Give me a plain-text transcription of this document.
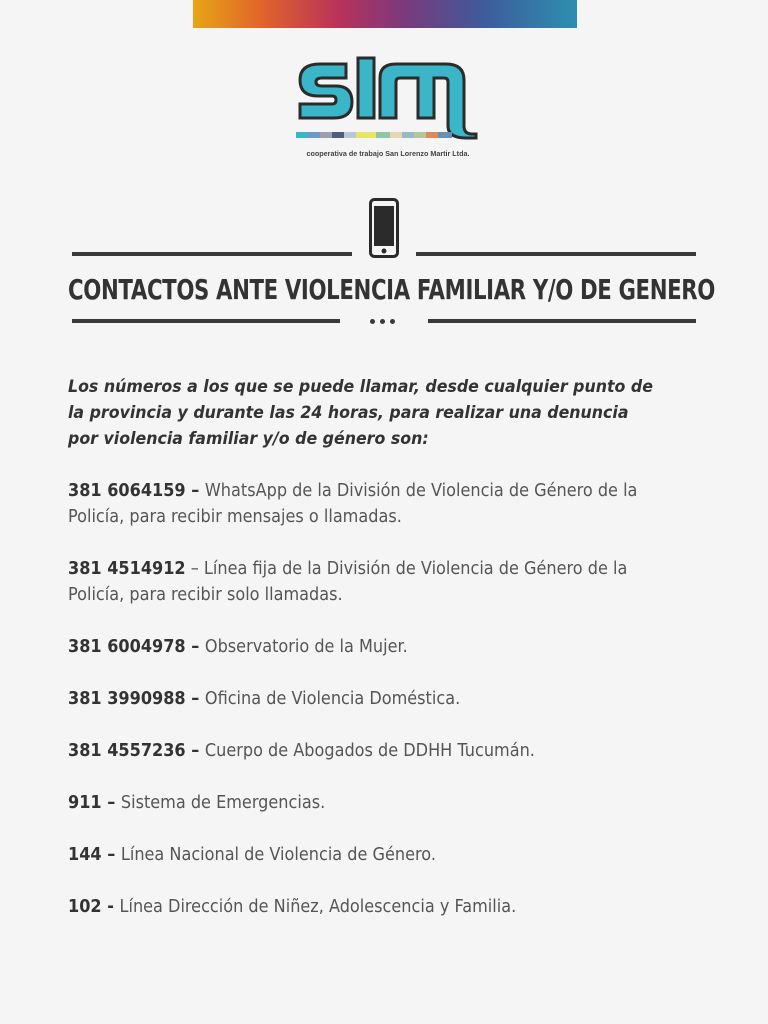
cooperativa de trabajo San Lorenzo Martir Ltda.
CONTACTOS ANTE VIOLENCIA FAMILIAR Y/O DE GENERO
Los números a los que se puede llamar, desde cualquier punto de la provincia y durante las 24 horas, para realizar una denuncia por violencia familiar y/o de género son:
381 6064159 – WhatsApp de la División de Violencia de Género de la Policía, para recibir mensajes o llamadas.
381 4514912 – Línea fija de la División de Violencia de Género de la Policía, para recibir solo llamadas.
381 6004978 – Observatorio de la Mujer.
381 3990988 – Oficina de Violencia Doméstica.
381 4557236 – Cuerpo de Abogados de DDHH Tucumán.
911 – Sistema de Emergencias.
144 – Línea Nacional de Violencia de Género.
102 - Línea Dirección de Niñez, Adolescencia y Familia.
